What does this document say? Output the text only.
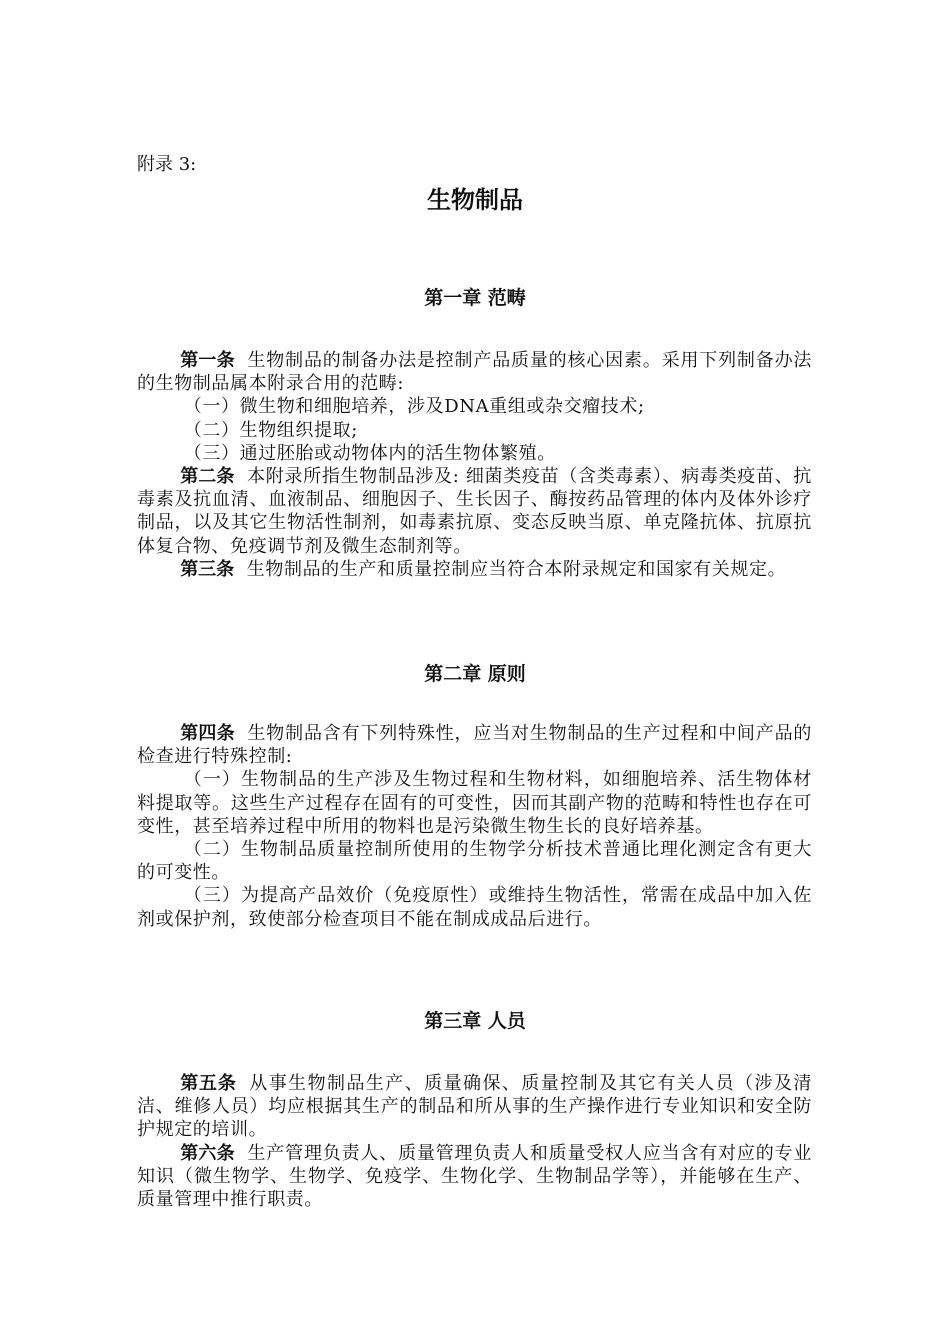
附录 3:
生物制品
第一章 范畴

第一条 生物制品的制备办法是控制产品质量的核心因素。采用下列制备办法的生物制品属本附录合用的范畴:

（一）微生物和细胞培养，涉及DNA重组或杂交瘤技术;

（二）生物组织提取;

（三）通过胚胎或动物体内的活生物体繁殖。

第二条 本附录所指生物制品涉及: 细菌类疫苗（含类毒素）、病毒类疫苗、抗毒素及抗血清、血液制品、细胞因子、生长因子、酶按药品管理的体内及体外诊疗制品，以及其它生物活性制剂，如毒素抗原、变态反映当原、单克隆抗体、抗原抗体复合物、免疫调节剂及微生态制剂等。

第三条 生物制品的生产和质量控制应当符合本附录规定和国家有关规定。

第二章 原则

第四条 生物制品含有下列特殊性，应当对生物制品的生产过程和中间产品的检查进行特殊控制:

（一）生物制品的生产涉及生物过程和生物材料，如细胞培养、活生物体材料提取等。这些生产过程存在固有的可变性，因而其副产物的范畴和特性也存在可变性，甚至培养过程中所用的物料也是污染微生物生长的良好培养基。

（二）生物制品质量控制所使用的生物学分析技术普通比理化测定含有更大的可变性。

（三）为提高产品效价（免疫原性）或维持生物活性，常需在成品中加入佐剂或保护剂，致使部分检查项目不能在制成成品后进行。

第三章 人员

第五条 从事生物制品生产、质量确保、质量控制及其它有关人员（涉及清洁、维修人员）均应根据其生产的制品和所从事的生产操作进行专业知识和安全防护规定的培训。

第六条 生产管理负责人、质量管理负责人和质量受权人应当含有对应的专业知识（微生物学、生物学、免疫学、生物化学、生物制品学等），并能够在生产、质量管理中推行职责。
